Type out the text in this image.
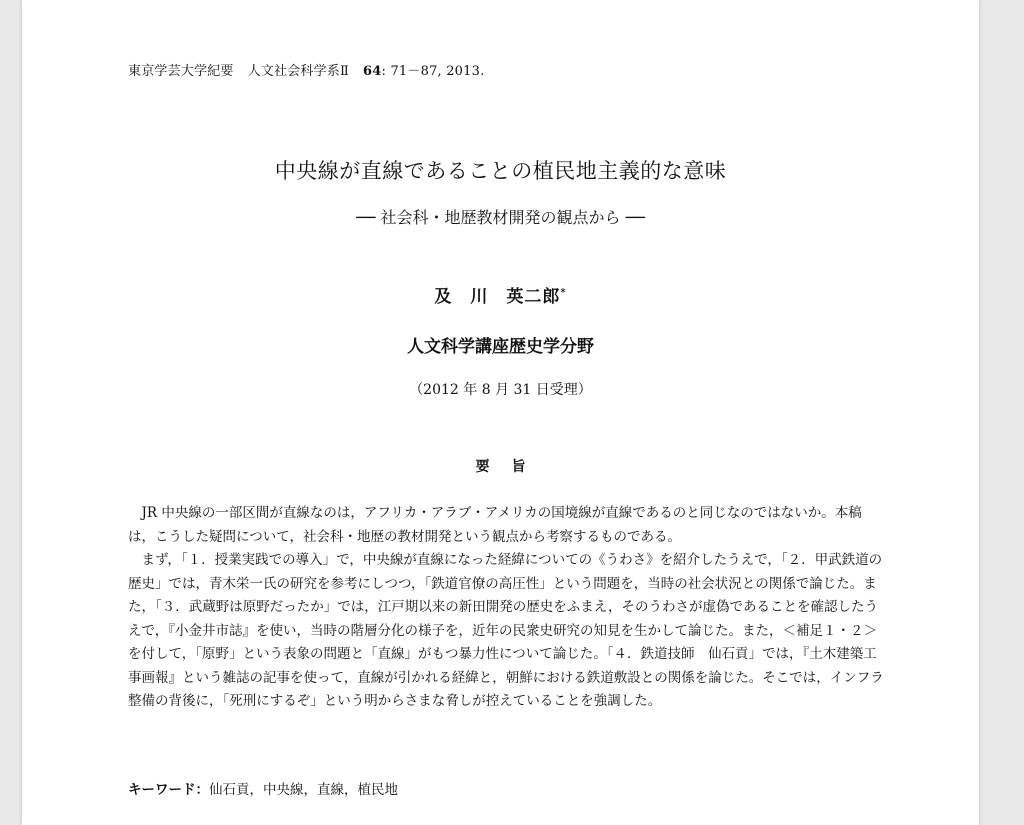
東京学芸大学紀要 人文社会科学系Ⅱ 64: 71－87, 2013.
中央線が直線であることの植民地主義的な意味
── 社会科・地歴教材開発の観点から ──
及　川　英二郎*
人文科学講座歴史学分野
（2012 年 8 月 31 日受理）
要旨

JR 中央線の一部区間が直線なのは，アフリカ・アラブ・アメリカの国境線が直線であるのと同じなのではないか。本稿は，こうした疑問について，社会科・地歴の教材開発という観点から考察するものである。

まず，「１．授業実践での導入」で，中央線が直線になった経緯についての《うわさ》を紹介したうえで，「２．甲武鉄道の歴史」では，青木栄一氏の研究を参考にしつつ，「鉄道官僚の高圧性」という問題を，当時の社会状況との関係で論じた。また，「３．武蔵野は原野だったか」では，江戸期以来の新田開発の歴史をふまえ，そのうわさが虚偽であることを確認したうえで，『小金井市誌』を使い，当時の階層分化の様子を，近年の民衆史研究の知見を生かして論じた。また，＜補足１・２＞を付して，「原野」という表象の問題と「直線」がもつ暴力性について論じた。「４．鉄道技師　仙石貢」では，『土木建築工事画報』という雑誌の記事を使って，直線が引かれる経緯と，朝鮮における鉄道敷設との関係を論じた。そこでは，インフラ整備の背後に，「死刑にするぞ」という明からさまな脅しが控えていることを強調した。

キーワード：仙石貢，中央線，直線，植民地
